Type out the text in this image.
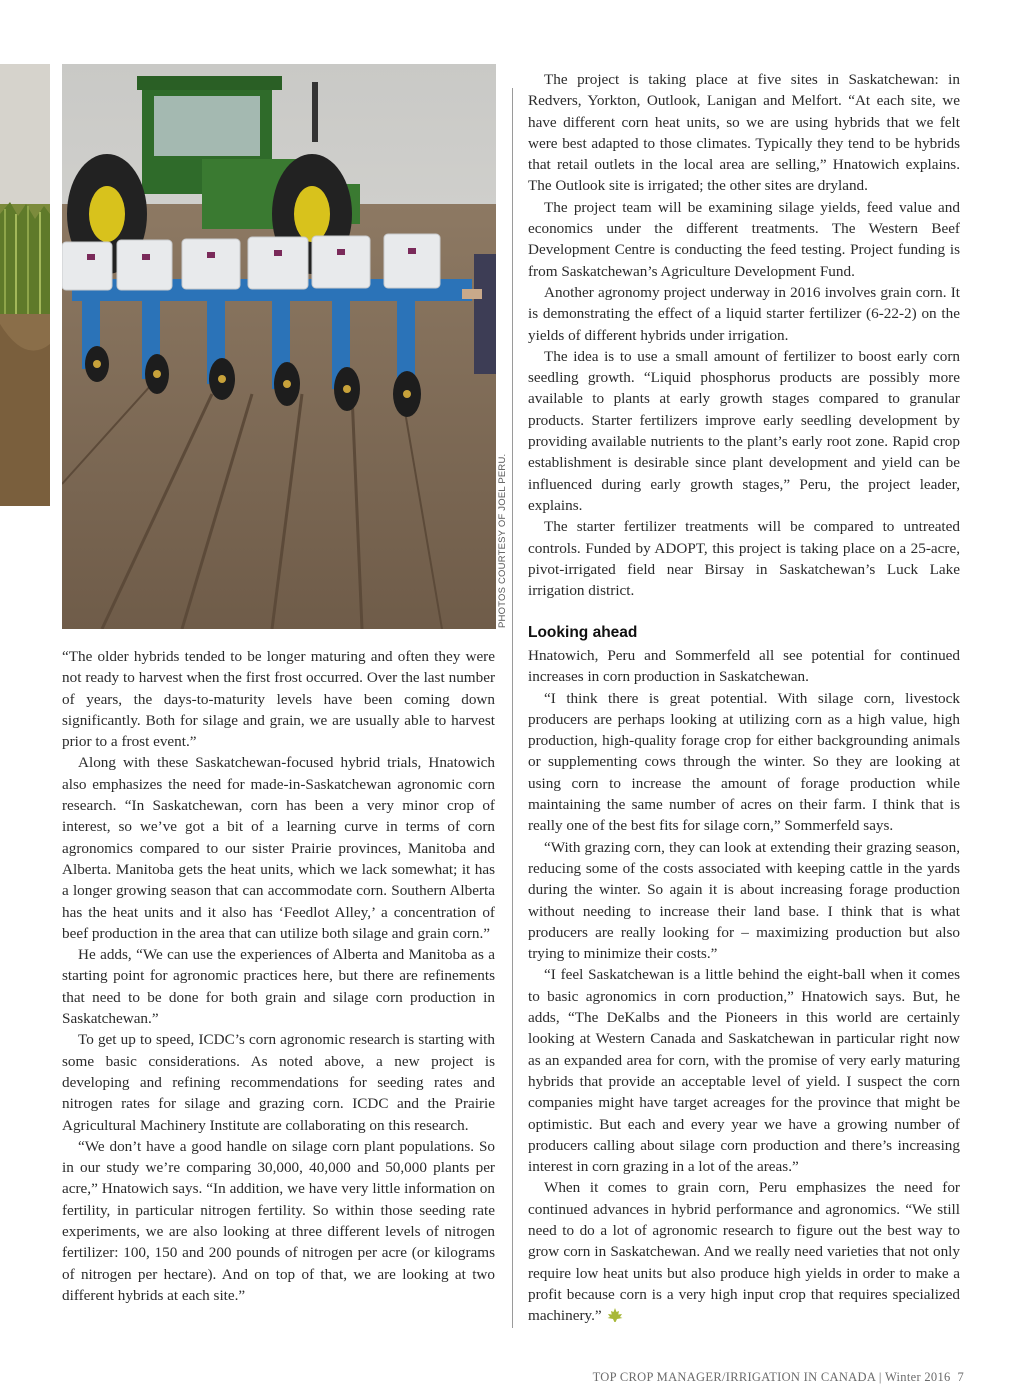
PHOTOS COURTESY OF JOEL PERU.

“The older hybrids tended to be longer maturing and often they were not ready to harvest when the first frost occurred. Over the last number of years, the days-to-maturity levels have been coming down significantly. Both for silage and grain, we are usually able to harvest prior to a frost event.”

Along with these Saskatchewan-focused hybrid trials, Hnatowich also emphasizes the need for made-in-Saskatchewan agronomic corn research. “In Saskatchewan, corn has been a very minor crop of interest, so we’ve got a bit of a learning curve in terms of corn agronomics compared to our sister Prairie provinces, Manitoba and Alberta. Manitoba gets the heat units, which we lack somewhat; it has a longer growing season that can accommodate corn. Southern Alberta has the heat units and it also has ‘Feedlot Alley,’ a concentration of beef production in the area that can utilize both silage and grain corn.”

He adds, “We can use the experiences of Alberta and Manitoba as a starting point for agronomic practices here, but there are refinements that need to be done for both grain and silage corn production in Saskatchewan.”

To get up to speed, ICDC’s corn agronomic research is starting with some basic considerations. As noted above, a new project is developing and refining recommendations for seeding rates and nitrogen rates for silage and grazing corn. ICDC and the Prairie Agricultural Machinery Institute are collaborating on this research.

“We don’t have a good handle on silage corn plant populations. So in our study we’re comparing 30,000, 40,000 and 50,000 plants per acre,” Hnatowich says. “In addition, we have very little information on fertility, in particular nitrogen fertility. So within those seeding rate experiments, we are also looking at three different levels of nitrogen fertilizer: 100, 150 and 200 pounds of nitrogen per acre (or kilograms of nitrogen per hectare). And on top of that, we are looking at two different hybrids at each site.”

The project is taking place at five sites in Saskatchewan: in Redvers, Yorkton, Outlook, Lanigan and Melfort. “At each site, we have different corn heat units, so we are using hybrids that we felt were best adapted to those climates. Typically they tend to be hybrids that retail outlets in the local area are selling,” Hnatowich explains. The Outlook site is irrigated; the other sites are dryland.

The project team will be examining silage yields, feed value and economics under the different treatments. The Western Beef Development Centre is conducting the feed testing. Project funding is from Saskatchewan’s Agriculture Development Fund.

Another agronomy project underway in 2016 involves grain corn. It is demonstrating the effect of a liquid starter fertilizer (6-22-2) on the yields of different hybrids under irrigation.

The idea is to use a small amount of fertilizer to boost early corn seedling growth. “Liquid phosphorus products are possibly more available to plants at early growth stages compared to granular products. Starter fertilizers improve early seedling development by providing available nutrients to the plant’s early root zone. Rapid crop establishment is desirable since plant development and yield can be influenced during early growth stages,” Peru, the project leader, explains.

The starter fertilizer treatments will be compared to untreated controls. Funded by ADOPT, this project is taking place on a 25-acre, pivot-irrigated field near Birsay in Saskatchewan’s Luck Lake irrigation district.

Looking ahead

Hnatowich, Peru and Sommerfeld all see potential for continued increases in corn production in Saskatchewan.

“I think there is great potential. With silage corn, livestock producers are perhaps looking at utilizing corn as a high value, high production, high-quality forage crop for either backgrounding animals or supplementing cows through the winter. So they are looking at using corn to increase the amount of forage production while maintaining the same number of acres on their farm. I think that is really one of the best fits for silage corn,” Sommerfeld says.

“With grazing corn, they can look at extending their grazing season, reducing some of the costs associated with keeping cattle in the yards during the winter. So again it is about increasing forage production without needing to increase their land base. I think that is what producers are really looking for – maximizing production but also trying to minimize their costs.”

“I feel Saskatchewan is a little behind the eight-ball when it comes to basic agronomics in corn production,” Hnatowich says. But, he adds, “The DeKalbs and the Pioneers in this world are certainly looking at Western Canada and Saskatchewan in particular right now as an expanded area for corn, with the promise of very early maturing hybrids that provide an acceptable level of yield. I suspect the corn companies might have target acreages for the province that might be optimistic. But each and every year we have a growing number of producers calling about silage corn production and there’s increasing interest in corn grazing in a lot of the areas.”

When it comes to grain corn, Peru emphasizes the need for continued advances in hybrid performance and agronomics. “We still need to do a lot of agronomic research to figure out the best way to grow corn in Saskatchewan. And we really need varieties that not only require low heat units but also produce high yields in order to make a profit because corn is a very high input crop that requires specialized machinery.”

TOP CROP MANAGER/IRRIGATION IN CANADA | Winter 2016 7
